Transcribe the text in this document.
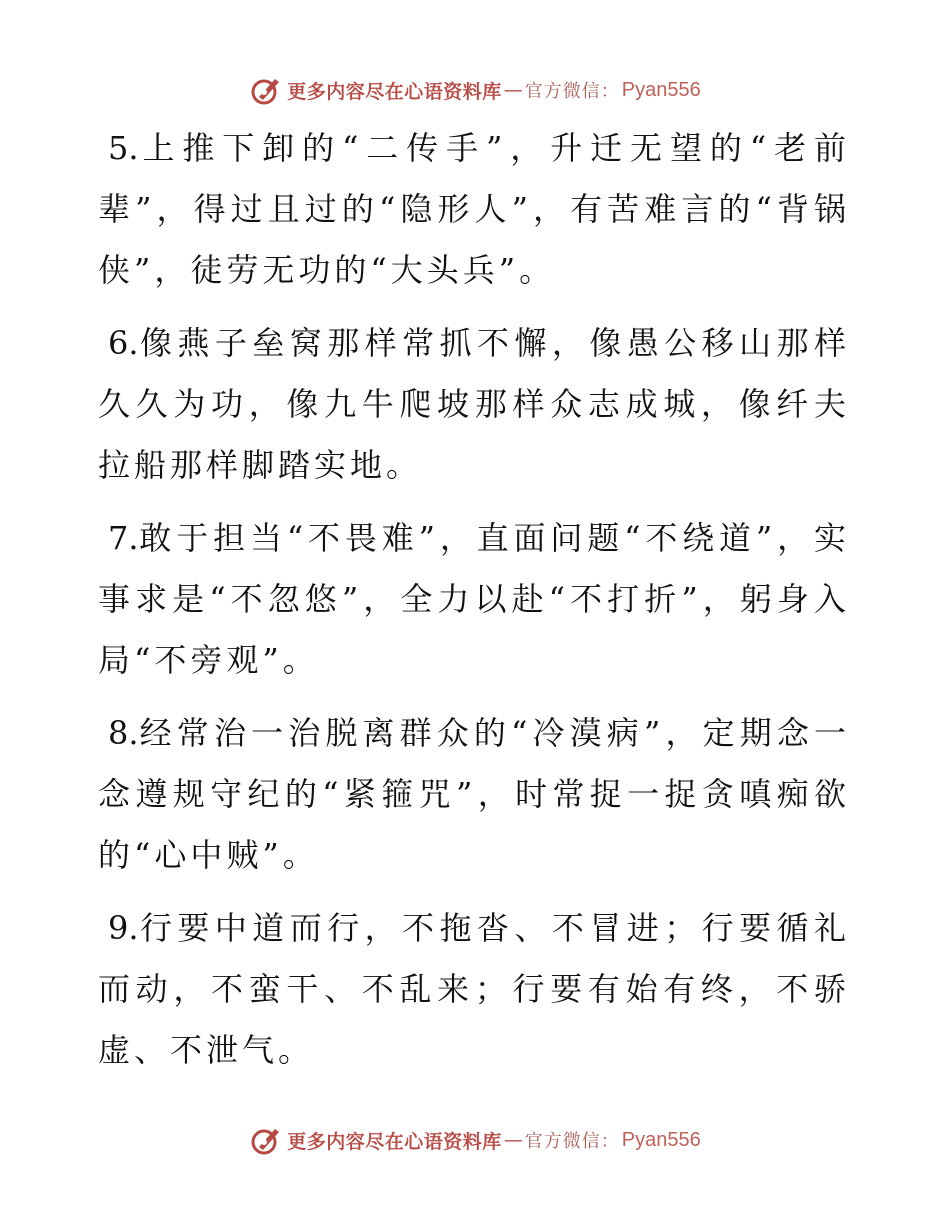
更多内容尽在心语资料库 — 官方微信： Pyan556

5.上推下卸的“二传手”，升迁无望的“老前辈”，得过且过的“隐形人”，有苦难言的“背锅侠”，徒劳无功的“大头兵”。

6.像燕子垒窝那样常抓不懈，像愚公移山那样久久为功，像九牛爬坡那样众志成城，像纤夫拉船那样脚踏实地。

7.敢于担当“不畏难”，直面问题“不绕道”，实事求是“不忽悠”，全力以赴“不打折”，躬身入局“不旁观”。

8.经常治一治脱离群众的“冷漠病”，定期念一念遵规守纪的“紧箍咒”，时常捉一捉贪嗔痴欲的“心中贼”。

9.行要中道而行，不拖沓、不冒进；行要循礼而动，不蛮干、不乱来；行要有始有终，不骄虚、不泄气。

更多内容尽在心语资料库 — 官方微信： Pyan556
